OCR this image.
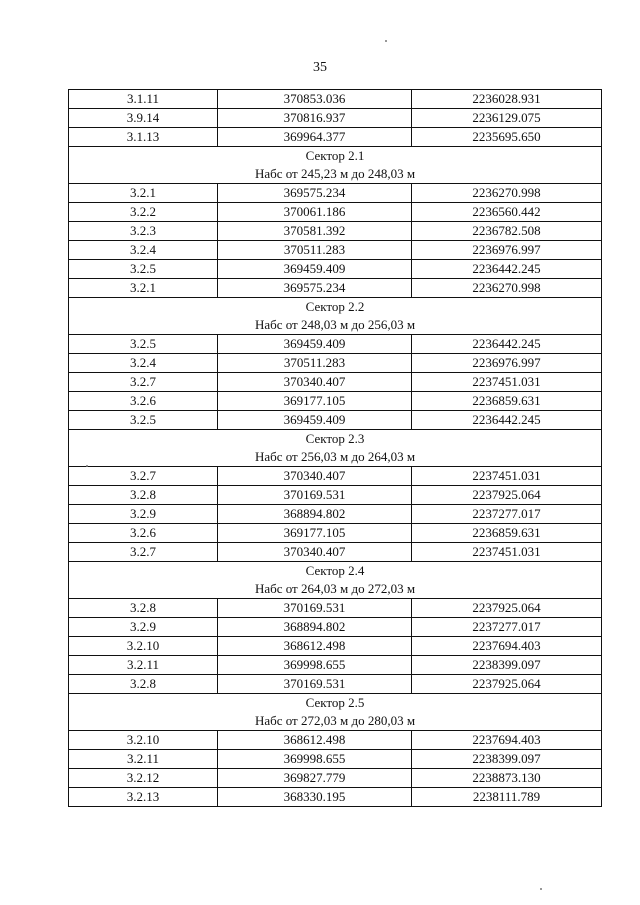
35
3.1.11	370853.036	2236028.931
3.9.14	370816.937	2236129.075
3.1.13	369964.377	2235695.650
Сектор 2.1		
Набс от 245,23 м до 248,03 м		
3.2.1	369575.234	2236270.998
3.2.2	370061.186	2236560.442
3.2.3	370581.392	2236782.508
3.2.4	370511.283	2236976.997
3.2.5	369459.409	2236442.245
3.2.1	369575.234	2236270.998
Сектор 2.2		
Набс от 248,03 м до 256,03 м		
3.2.5	369459.409	2236442.245
3.2.4	370511.283	2236976.997
3.2.7	370340.407	2237451.031
3.2.6	369177.105	2236859.631
3.2.5	369459.409	2236442.245
Сектор 2.3		
Набс от 256,03 м до 264,03 м		
3.2.7	370340.407	2237451.031
3.2.8	370169.531	2237925.064
3.2.9	368894.802	2237277.017
3.2.6	369177.105	2236859.631
3.2.7	370340.407	2237451.031
Сектор 2.4		
Набс от 264,03 м до 272,03 м		
3.2.8	370169.531	2237925.064
3.2.9	368894.802	2237277.017
3.2.10	368612.498	2237694.403
3.2.11	369998.655	2238399.097
3.2.8	370169.531	2237925.064
Сектор 2.5		
Набс от 272,03 м до 280,03 м		
3.2.10	368612.498	2237694.403
3.2.11	369998.655	2238399.097
3.2.12	369827.779	2238873.130
3.2.13	368330.195	2238111.789
